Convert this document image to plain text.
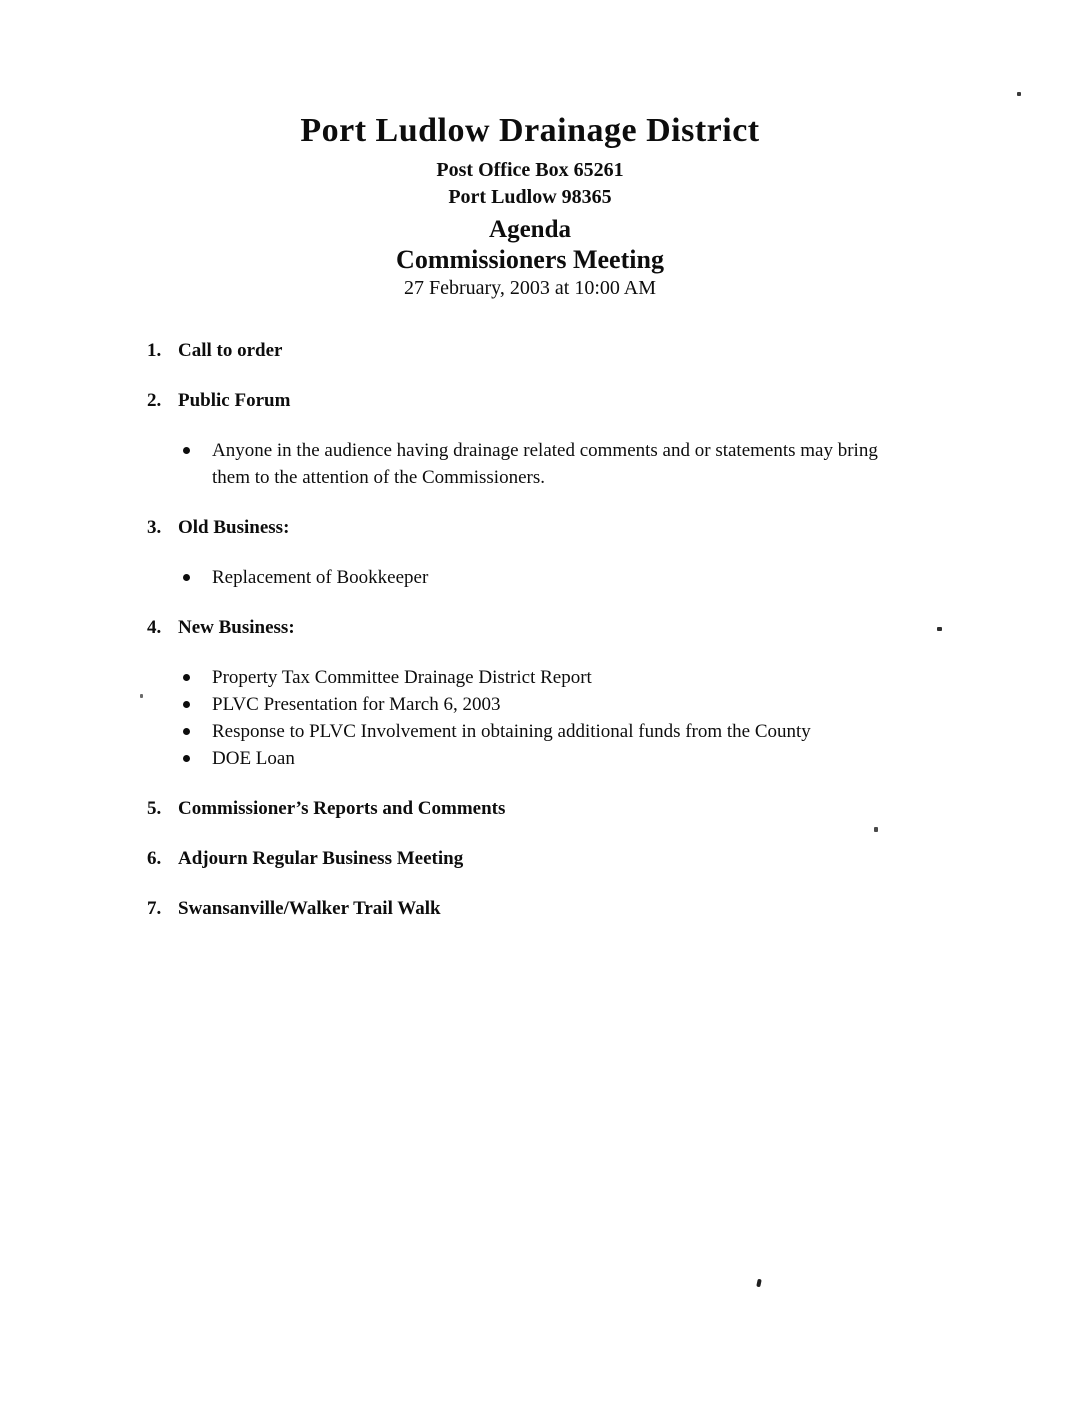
Port Ludlow Drainage District
Post Office Box 65261
Port Ludlow 98365
Agenda
Commissioners Meeting
27 February, 2003 at 10:00 AM
1. Call to order
2. Public Forum
Anyone in the audience having drainage related comments and or statements may bring them to the attention of the Commissioners.
3. Old Business:
Replacement of Bookkeeper
4. New Business:
Property Tax Committee Drainage District Report
PLVC Presentation for March 6, 2003
Response to PLVC Involvement in obtaining additional funds from the County
DOE Loan
5. Commissioner’s Reports and Comments
6. Adjourn Regular Business Meeting
7. Swansanville/Walker Trail Walk
